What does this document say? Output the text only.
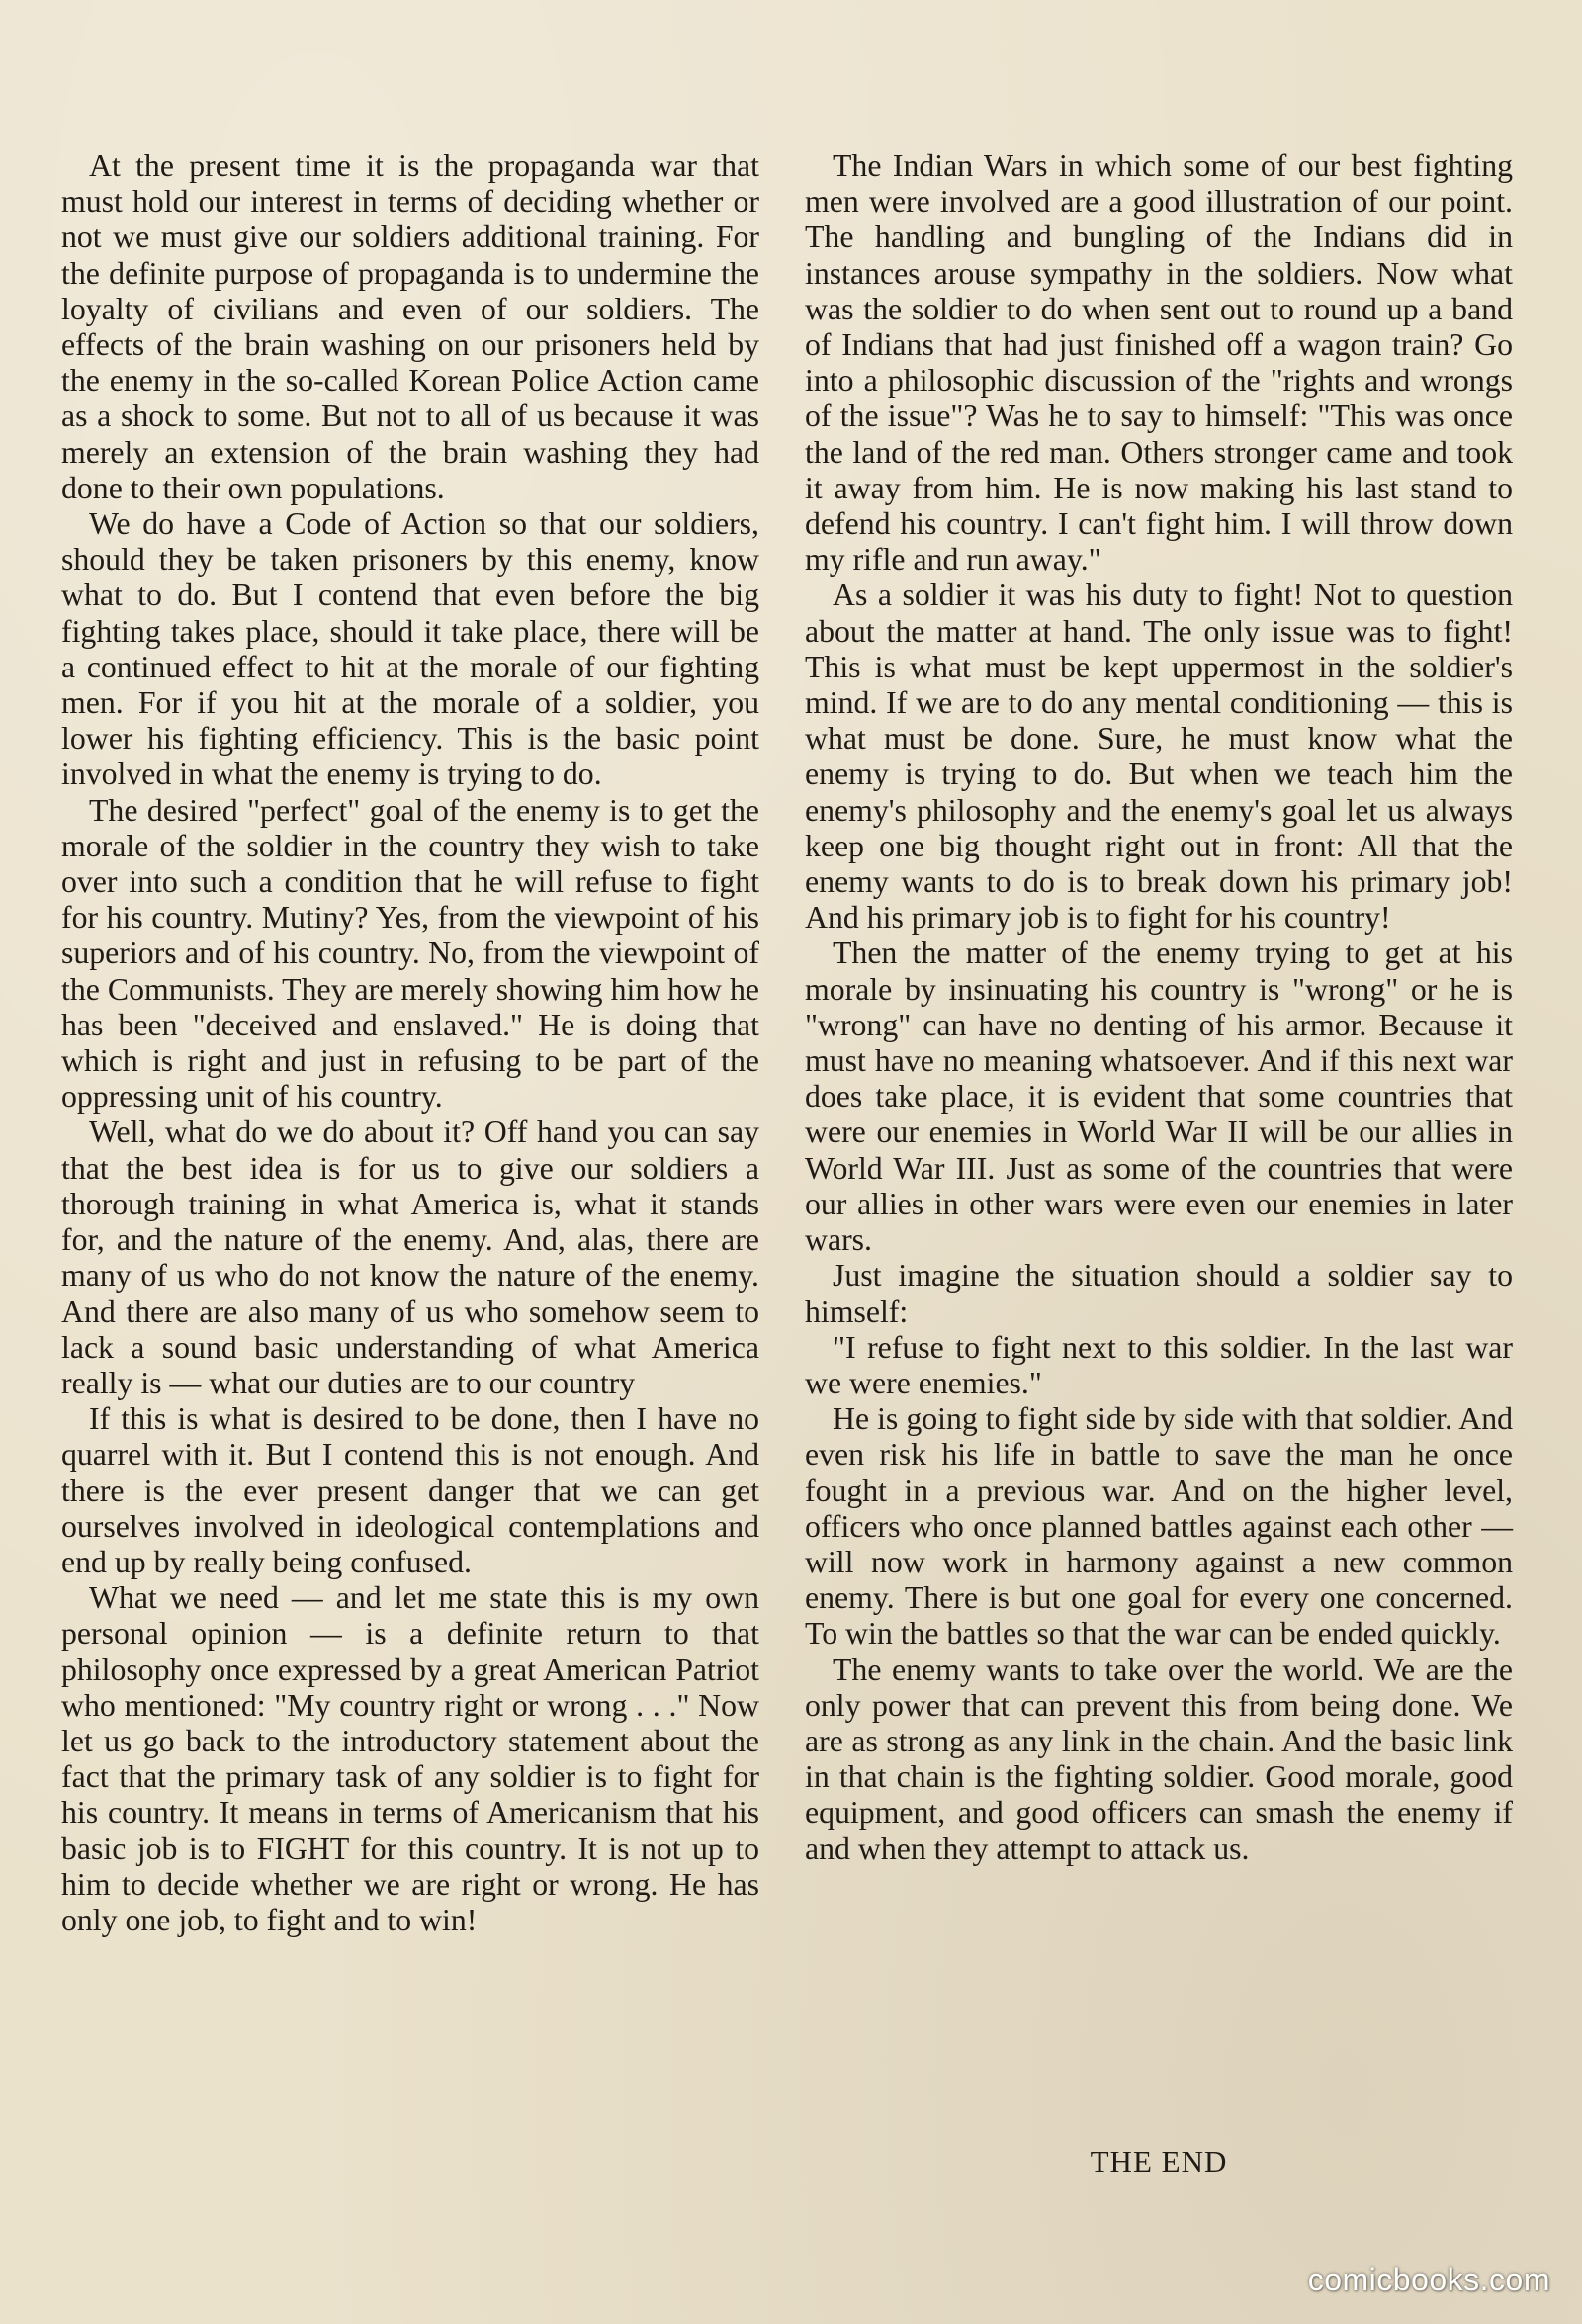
At the present time it is the propaganda war that must hold our interest in terms of deciding whether or not we must give our soldiers additional training. For the definite purpose of propaganda is to undermine the loyalty of civilians and even of our soldiers. The effects of the brain washing on our prisoners held by the enemy in the so-called Korean Police Action came as a shock to some. But not to all of us because it was merely an extension of the brain washing they had done to their own populations.

We do have a Code of Action so that our soldiers, should they be taken prisoners by this enemy, know what to do. But I contend that even before the big fighting takes place, should it take place, there will be a continued effect to hit at the morale of our fighting men. For if you hit at the morale of a soldier, you lower his fighting efficiency. This is the basic point involved in what the enemy is trying to do.

The desired "perfect" goal of the enemy is to get the morale of the soldier in the country they wish to take over into such a condition that he will refuse to fight for his country. Mutiny? Yes, from the viewpoint of his superiors and of his country. No, from the viewpoint of the Communists. They are merely showing him how he has been "deceived and enslaved." He is doing that which is right and just in refusing to be part of the oppressing unit of his country.

Well, what do we do about it? Off hand you can say that the best idea is for us to give our soldiers a thorough training in what America is, what it stands for, and the nature of the enemy. And, alas, there are many of us who do not know the nature of the enemy. And there are also many of us who somehow seem to lack a sound basic understanding of what America really is — what our duties are to our country

If this is what is desired to be done, then I have no quarrel with it. But I contend this is not enough. And there is the ever present danger that we can get ourselves involved in ideological contemplations and end up by really being confused.

What we need — and let me state this is my own personal opinion — is a definite return to that philosophy once expressed by a great American Patriot who mentioned: "My country right or wrong . . ." Now let us go back to the introductory statement about the fact that the primary task of any soldier is to fight for his country. It means in terms of Americanism that his basic job is to FIGHT for this country. It is not up to him to decide whether we are right or wrong. He has only one job, to fight and to win!

The Indian Wars in which some of our best fighting men were involved are a good illustration of our point. The handling and bungling of the Indians did in instances arouse sympathy in the soldiers. Now what was the soldier to do when sent out to round up a band of Indians that had just finished off a wagon train? Go into a philosophic discussion of the "rights and wrongs of the issue"? Was he to say to himself: "This was once the land of the red man. Others stronger came and took it away from him. He is now making his last stand to defend his country. I can't fight him. I will throw down my rifle and run away."

As a soldier it was his duty to fight! Not to question about the matter at hand. The only issue was to fight! This is what must be kept uppermost in the soldier's mind. If we are to do any mental conditioning — this is what must be done. Sure, he must know what the enemy is trying to do. But when we teach him the enemy's philosophy and the enemy's goal let us always keep one big thought right out in front: All that the enemy wants to do is to break down his primary job! And his primary job is to fight for his country!

Then the matter of the enemy trying to get at his morale by insinuating his country is "wrong" or he is "wrong" can have no denting of his armor. Because it must have no meaning whatsoever. And if this next war does take place, it is evident that some countries that were our enemies in World War II will be our allies in World War III. Just as some of the countries that were our allies in other wars were even our enemies in later wars.

Just imagine the situation should a soldier say to himself:

"I refuse to fight next to this soldier. In the last war we were enemies."

He is going to fight side by side with that soldier. And even risk his life in battle to save the man he once fought in a previous war. And on the higher level, officers who once planned battles against each other — will now work in harmony against a new common enemy. There is but one goal for every one concerned. To win the battles so that the war can be ended quickly.

The enemy wants to take over the world. We are the only power that can prevent this from being done. We are as strong as any link in the chain. And the basic link in that chain is the fighting soldier. Good morale, good equipment, and good officers can smash the enemy if and when they attempt to attack us.

THE END
comicbooks.com
